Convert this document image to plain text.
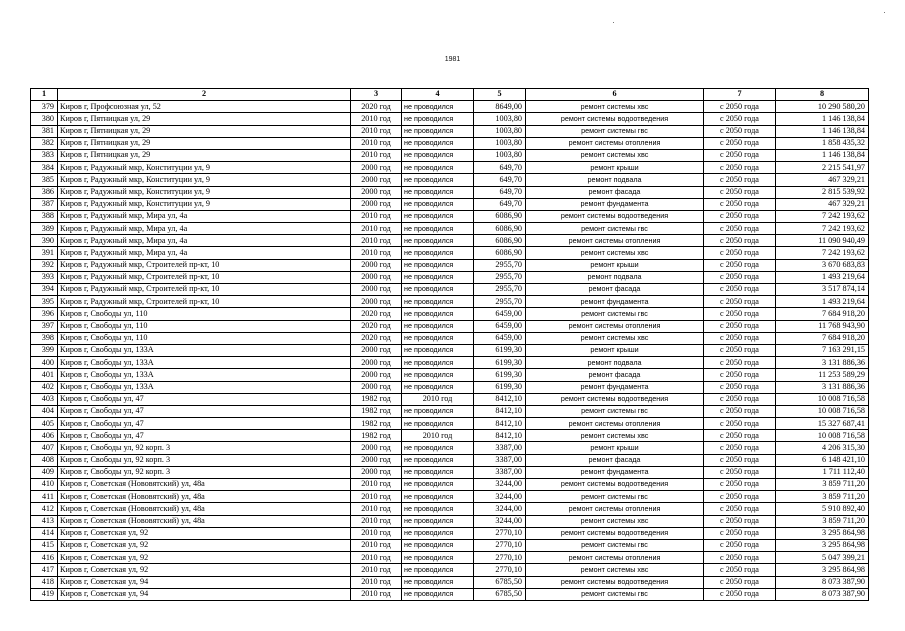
1981
1	2	3	4	5	6	7	8
379	Киров г, Профсоюзная ул, 52	2020 год	не проводился	8649,00	ремонт системы хвс	с 2050 года	10 290 580,20
380	Киров г, Пятницкая ул, 29	2010 год	не проводился	1003,80	ремонт системы водоотведения	с 2050 года	1 146 138,84
381	Киров г, Пятницкая ул, 29	2010 год	не проводился	1003,80	ремонт системы гвс	с 2050 года	1 146 138,84
382	Киров г, Пятницкая ул, 29	2010 год	не проводился	1003,80	ремонт системы отопления	с 2050 года	1 858 435,32
383	Киров г, Пятницкая ул, 29	2010 год	не проводился	1003,80	ремонт системы хвс	с 2050 года	1 146 138,84
384	Киров г, Радужный мкр, Конституции ул, 9	2000 год	не проводился	649,70	ремонт крыши	с 2050 года	2 215 541,97
385	Киров г, Радужный мкр, Конституции ул, 9	2000 год	не проводился	649,70	ремонт подвала	с 2050 года	467 329,21
386	Киров г, Радужный мкр, Конституции ул, 9	2000 год	не проводился	649,70	ремонт фасада	с 2050 года	2 815 539,92
387	Киров г, Радужный мкр, Конституции ул, 9	2000 год	не проводился	649,70	ремонт фундамента	с 2050 года	467 329,21
388	Киров г, Радужный мкр, Мира ул, 4а	2010 год	не проводился	6086,90	ремонт системы водоотведения	с 2050 года	7 242 193,62
389	Киров г, Радужный мкр, Мира ул, 4а	2010 год	не проводился	6086,90	ремонт системы гвс	с 2050 года	7 242 193,62
390	Киров г, Радужный мкр, Мира ул, 4а	2010 год	не проводился	6086,90	ремонт системы отопления	с 2050 года	11 090 940,49
391	Киров г, Радужный мкр, Мира ул, 4а	2010 год	не проводился	6086,90	ремонт системы хвс	с 2050 года	7 242 193,62
392	Киров г, Радужный мкр, Строителей пр-кт, 10	2000 год	не проводился	2955,70	ремонт крыши	с 2050 года	3 670 683,83
393	Киров г, Радужный мкр, Строителей пр-кт, 10	2000 год	не проводился	2955,70	ремонт подвала	с 2050 года	1 493 219,64
394	Киров г, Радужный мкр, Строителей пр-кт, 10	2000 год	не проводился	2955,70	ремонт фасада	с 2050 года	3 517 874,14
395	Киров г, Радужный мкр, Строителей пр-кт, 10	2000 год	не проводился	2955,70	ремонт фундамента	с 2050 года	1 493 219,64
396	Киров г, Свободы ул, 110	2020 год	не проводился	6459,00	ремонт системы гвс	с 2050 года	7 684 918,20
397	Киров г, Свободы ул, 110	2020 год	не проводился	6459,00	ремонт системы отопления	с 2050 года	11 768 943,90
398	Киров г, Свободы ул, 110	2020 год	не проводился	6459,00	ремонт системы хвс	с 2050 года	7 684 918,20
399	Киров г, Свободы ул, 133А	2000 год	не проводился	6199,30	ремонт крыши	с 2050 года	7 163 291,15
400	Киров г, Свободы ул, 133А	2000 год	не проводился	6199,30	ремонт подвала	с 2050 года	3 131 886,36
401	Киров г, Свободы ул, 133А	2000 год	не проводился	6199,30	ремонт фасада	с 2050 года	11 253 589,29
402	Киров г, Свободы ул, 133А	2000 год	не проводился	6199,30	ремонт фундамента	с 2050 года	3 131 886,36
403	Киров г, Свободы ул, 47	1982 год	2010 год	8412,10	ремонт системы водоотведения	с 2050 года	10 008 716,58
404	Киров г, Свободы ул, 47	1982 год	не проводился	8412,10	ремонт системы гвс	с 2050 года	10 008 716,58
405	Киров г, Свободы ул, 47	1982 год	не проводился	8412,10	ремонт системы отопления	с 2050 года	15 327 687,41
406	Киров г, Свободы ул, 47	1982 год	2010 год	8412,10	ремонт системы хвс	с 2050 года	10 008 716,58
407	Киров г, Свободы ул, 92 корп. 3	2000 год	не проводился	3387,00	ремонт крыши	с 2050 года	4 206 315,30
408	Киров г, Свободы ул, 92 корп. 3	2000 год	не проводился	3387,00	ремонт фасада	с 2050 года	6 148 421,10
409	Киров г, Свободы ул, 92 корп. 3	2000 год	не проводился	3387,00	ремонт фундамента	с 2050 года	1 711 112,40
410	Киров г, Советская (Нововятский) ул, 48а	2010 год	не проводился	3244,00	ремонт системы водоотведения	с 2050 года	3 859 711,20
411	Киров г, Советская (Нововятский) ул, 48а	2010 год	не проводился	3244,00	ремонт системы гвс	с 2050 года	3 859 711,20
412	Киров г, Советская (Нововятский) ул, 48а	2010 год	не проводился	3244,00	ремонт системы отопления	с 2050 года	5 910 892,40
413	Киров г, Советская (Нововятский) ул, 48а	2010 год	не проводился	3244,00	ремонт системы хвс	с 2050 года	3 859 711,20
414	Киров г, Советская ул, 92	2010 год	не проводился	2770,10	ремонт системы водоотведения	с 2050 года	3 295 864,98
415	Киров г, Советская ул, 92	2010 год	не проводился	2770,10	ремонт системы гвс	с 2050 года	3 295 864,98
416	Киров г, Советская ул, 92	2010 год	не проводился	2770,10	ремонт системы отопления	с 2050 года	5 047 399,21
417	Киров г, Советская ул, 92	2010 год	не проводился	2770,10	ремонт системы хвс	с 2050 года	3 295 864,98
418	Киров г, Советская ул, 94	2010 год	не проводился	6785,50	ремонт системы водоотведения	с 2050 года	8 073 387,90
419	Киров г, Советская ул, 94	2010 год	не проводился	6785,50	ремонт системы гвс	с 2050 года	8 073 387,90
